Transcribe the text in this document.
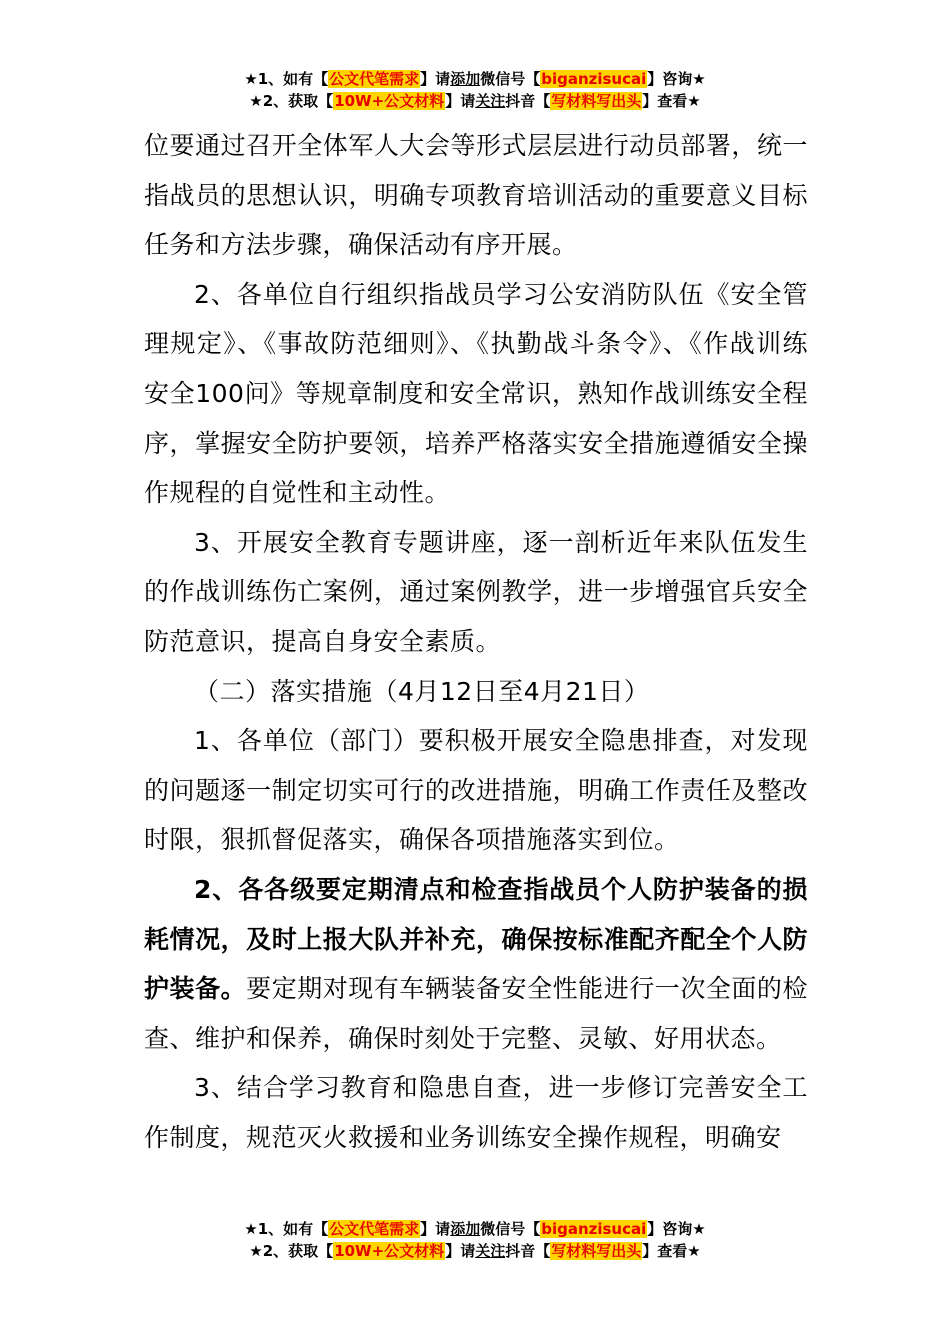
★1、如有【公文代笔需求】请添加微信号【biganzisucai】咨询★
★2、获取【10W+公文材料】请关注抖音【写材料写出头】查看★

位要通过召开全体军人大会等形式层层进行动员部署，统一指战员的思想认识，明确专项教育培训活动的重要意义目标任务和方法步骤，确保活动有序开展。

2、各单位自行组织指战员学习公安消防队伍《安全管理规定》、《事故防范细则》、《执勤战斗条令》、《作战训练安全100问》等规章制度和安全常识，熟知作战训练安全程序，掌握安全防护要领，培养严格落实安全措施遵循安全操作规程的自觉性和主动性。

3、开展安全教育专题讲座，逐一剖析近年来队伍发生的作战训练伤亡案例，通过案例教学，进一步增强官兵安全防范意识，提高自身安全素质。

（二）落实措施（4月12日至4月21日）

1、各单位（部门）要积极开展安全隐患排查，对发现的问题逐一制定切实可行的改进措施，明确工作责任及整改时限，狠抓督促落实，确保各项措施落实到位。

2、各各级要定期清点和检查指战员个人防护装备的损耗情况，及时上报大队并补充，确保按标准配齐配全个人防护装备。要定期对现有车辆装备安全性能进行一次全面的检查、维护和保养，确保时刻处于完整、灵敏、好用状态。

3、结合学习教育和隐患自查，进一步修订完善安全工作制度，规范灭火救援和业务训练安全操作规程，明确安

★1、如有【公文代笔需求】请添加微信号【biganzisucai】咨询★
★2、获取【10W+公文材料】请关注抖音【写材料写出头】查看★
